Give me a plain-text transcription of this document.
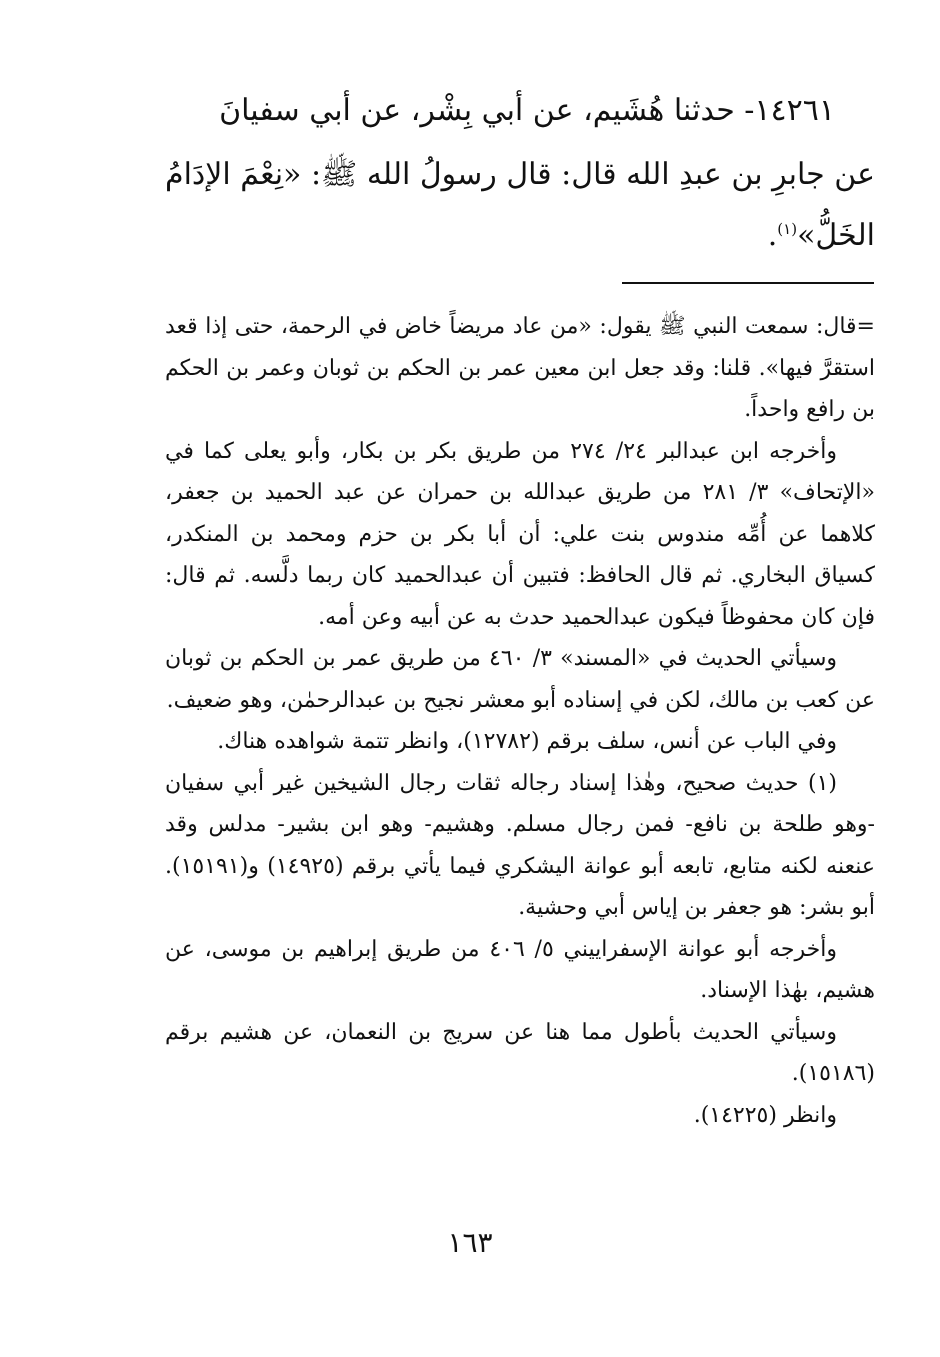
١٤٢٦١- حدثنا هُشَيم، عن أبي بِشْر، عن أبي سفيانَ
عن جابرِ بن عبدِ الله قال: قال رسولُ الله ﷺ: «نِعْمَ الإدَامُ
الخَلُّ»$^{(١)}$.

=قال: سمعت النبي ﷺ يقول: «من عاد مريضاً خاض في الرحمة، حتى إذا قعد استقرَّ فيها». قلنا: وقد جعل ابن معين عمر بن الحكم بن ثوبان وعمر بن الحكم بن رافع واحداً.

وأخرجه ابن عبدالبر ٢٤/ ٢٧٤ من طريق بكر بن بكار، وأبو يعلى كما في «الإتحاف» ٣/ ٢٨١ من طريق عبدالله بن حمران عن عبد الحميد بن جعفر، كلاهما عن أُمِّه مندوس بنت علي: أن أبا بكر بن حزم ومحمد بن المنكدر، كسياق البخاري. ثم قال الحافظ: فتبين أن عبدالحميد كان ربما دلَّسه. ثم قال: فإن كان محفوظاً فيكون عبدالحميد حدث به عن أبيه وعن أمه.

وسيأتي الحديث في «المسند» ٣/ ٤٦٠ من طريق عمر بن الحكم بن ثوبان عن كعب بن مالك، لكن في إسناده أبو معشر نجيح بن عبدالرحمٰن، وهو ضعيف.

وفي الباب عن أنس، سلف برقم (١٢٧٨٢)، وانظر تتمة شواهده هناك.

(١) حديث صحيح، وهٰذا إسناد رجاله ثقات رجال الشيخين غير أبي سفيان -وهو طلحة بن نافع- فمن رجال مسلم. وهشيم- وهو ابن بشير- مدلس وقد عنعنه لكنه متابع، تابعه أبو عوانة اليشكري فيما يأتي برقم (١٤٩٢٥) و(١٥١٩١). أبو بشر: هو جعفر بن إياس أبي وحشية.

وأخرجه أبو عوانة الإسفراييني ٥/ ٤٠٦ من طريق إبراهيم بن موسى، عن هشيم، بهٰذا الإسناد.

وسيأتي الحديث بأطول مما هنا عن سريج بن النعمان، عن هشيم برقم (١٥١٨٦).

وانظر (١٤٢٢٥).

١٦٣
